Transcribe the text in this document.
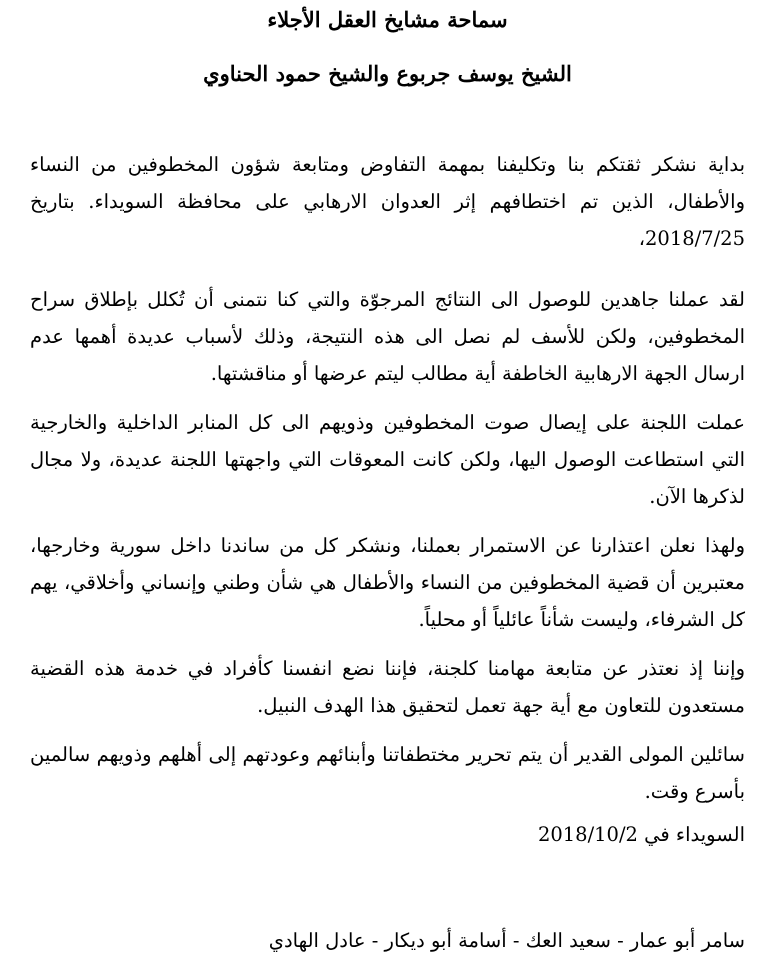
سماحة مشايخ العقل الأجلاء
الشيخ يوسف جربوع والشيخ حمود الحناوي
بداية نشكر ثقتكم بنا وتكليفنا بمهمة التفاوض ومتابعة شؤون المخطوفين من النساء والأطفال، الذين تم اختطافهم إثر العدوان الارهابي على محافظة السويداء. بتاريخ 2018/7/25،
لقد عملنا جاهدين للوصول الى النتائج المرجوّة والتي كنا نتمنى أن تُكلل بإطلاق سراح المخطوفين، ولكن للأسف لم نصل الى هذه النتيجة، وذلك لأسباب عديدة أهمها عدم ارسال الجهة الارهابية الخاطفة أية مطالب ليتم عرضها أو مناقشتها.
عملت اللجنة على إيصال صوت المخطوفين وذويهم الى كل المنابر الداخلية والخارجية التي استطاعت الوصول اليها، ولكن كانت المعوقات التي واجهتها اللجنة عديدة، ولا مجال لذكرها الآن.
ولهذا نعلن اعتذارنا عن الاستمرار بعملنا، ونشكر كل من ساندنا داخل سورية وخارجها، معتبرين أن قضية المخطوفين من النساء والأطفال هي شأن وطني وإنساني وأخلاقي، يهم كل الشرفاء، وليست شأناً عائلياً أو محلياً.
وإننا إذ نعتذر عن متابعة مهامنا كلجنة، فإننا نضع انفسنا كأفراد في خدمة هذه القضية مستعدون للتعاون مع أية جهة تعمل لتحقيق هذا الهدف النبيل.
سائلين المولى القدير أن يتم تحرير مختطفاتنا وأبنائهم وعودتهم إلى أهلهم وذويهم سالمين بأسرع وقت.
السويداء في 2018/10/2
سامر أبو عمار - سعيد العك - أسامة أبو ديكار - عادل الهادي
